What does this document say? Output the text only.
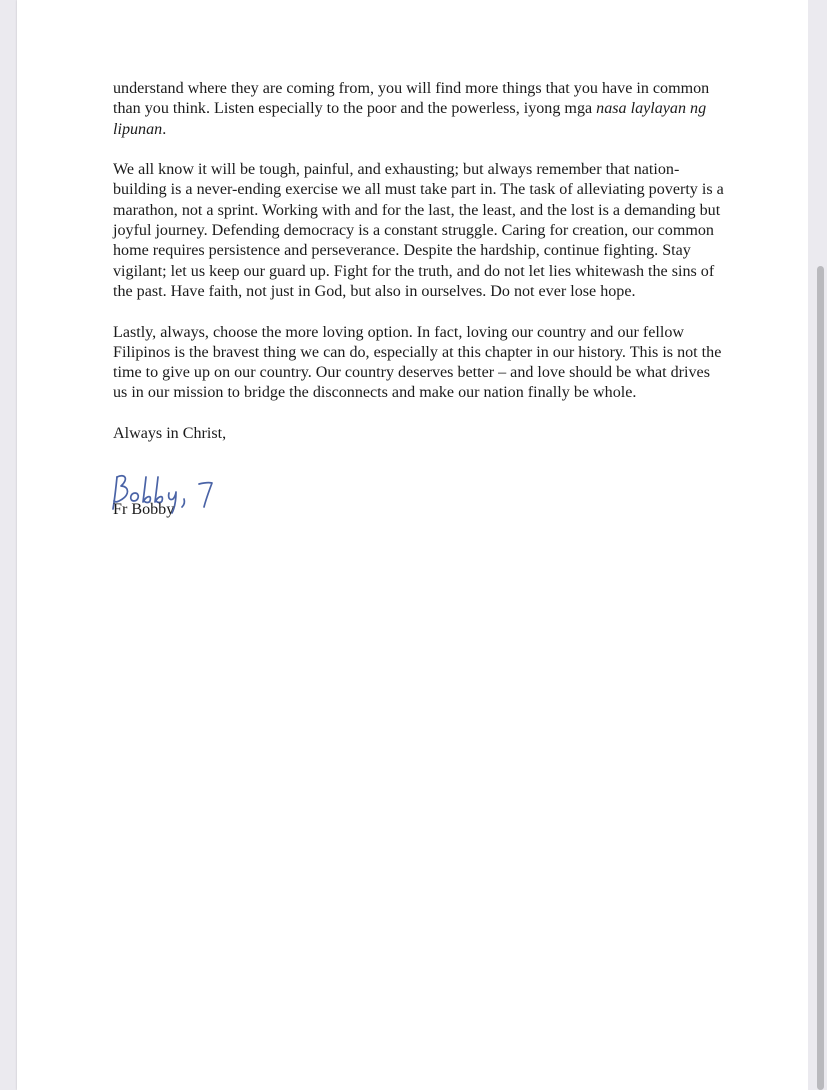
understand where they are coming from, you will find more things that you have in common than you think. Listen especially to the poor and the powerless, iyong mga nasa laylayan ng lipunan.

We all know it will be tough, painful, and exhausting; but always remember that nation-building is a never-ending exercise we all must take part in. The task of alleviating poverty is a marathon, not a sprint. Working with and for the last, the least, and the lost is a demanding but joyful journey. Defending democracy is a constant struggle. Caring for creation, our common home requires persistence and perseverance. Despite the hardship, continue fighting. Stay vigilant; let us keep our guard up. Fight for the truth, and do not let lies whitewash the sins of the past. Have faith, not just in God, but also in ourselves. Do not ever lose hope.

Lastly, always, choose the more loving option. In fact, loving our country and our fellow Filipinos is the bravest thing we can do, especially at this chapter in our history. This is not the time to give up on our country. Our country deserves better – and love should be what drives us in our mission to bridge the disconnects and make our nation finally be whole.

Always in Christ,

Fr Bobby
